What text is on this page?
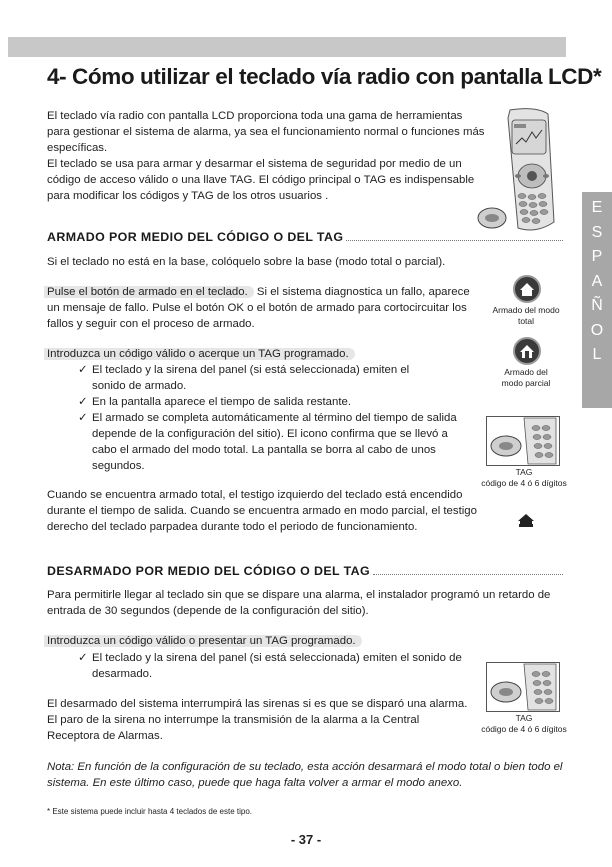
4- Cómo utilizar el teclado vía radio con pantalla LCD*
El teclado vía radio con pantalla LCD proporciona toda una gama de herramientas
para gestionar el sistema de alarma, ya sea el funcionamiento normal o funciones más
específicas.
El teclado se usa para armar y desarmar el sistema de seguridad por medio de un
código de acceso válido o una llave TAG. El código principal o TAG es indispensable
para modificar los códigos y TAG de los otros usuarios .
E
S
P
A
Ñ
O
L
ARMADO POR MEDIO DEL CÓDIGO O DEL TAG
Si el teclado no está en la base, colóquelo sobre la base (modo total o parcial).
Pulse el botón de armado en el teclado. Si el sistema diagnostica un fallo, aparece
un mensaje de fallo. Pulse el botón OK o el botón de armado para cortocircuitar los
fallos y seguir con el proceso de armado.
Introduzca un código válido o acerque un TAG programado.
✓ El teclado y la sirena del panel (si está seleccionada) emiten el
sonido de armado.
✓ En la pantalla aparece el tiempo de salida restante.
✓ El armado se completa automáticamente al término del tiempo de salida
depende de la configuración del sitio). El icono confirma que se llevó a
cabo el armado del modo total. La pantalla se borra al cabo de unos
segundos.
Cuando se encuentra armado total, el testigo izquierdo del teclado está encendido
durante el tiempo de salida. Cuando se encuentra armado en modo parcial, el testigo
derecho del teclado parpadea durante todo el periodo de funcionamiento.
Armado del modo
total
Armado del
modo parcial
TAG
código de 4 ó 6 dígitos
DESARMADO POR MEDIO DEL CÓDIGO O DEL TAG
Para permitirle llegar al teclado sin que se dispare una alarma, el instalador programó un retardo de
entrada de 30 segundos (depende de la configuración del sitio).
Introduzca un código válido o presentar un TAG programado.
✓ El teclado y la sirena del panel (si está seleccionada) emiten el sonido de
desarmado.
El desarmado del sistema interrumpirá las sirenas si es que se disparó una alarma.
El paro de la sirena no interrumpe la transmisión de la alarma a la Central
Receptora de Alarmas.
TAG
código de 4 ó 6 dígitos
Nota: En función de la configuración de su teclado, esta acción desarmará el modo total o bien todo el
sistema. En este último caso, puede que haga falta volver a armar el modo anexo.
* Este sistema puede incluir hasta 4 teclados de este tipo.
- 37 -
